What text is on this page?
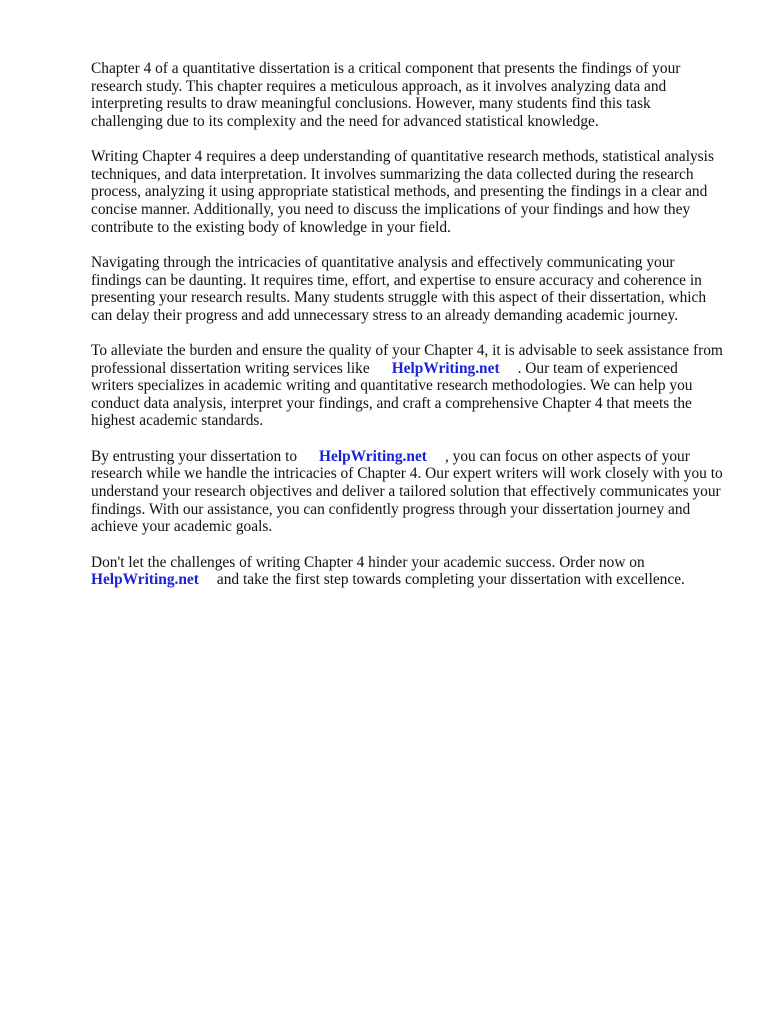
Chapter 4 of a quantitative dissertation is a critical component that presents the findings of your research study. This chapter requires a meticulous approach, as it involves analyzing data and interpreting results to draw meaningful conclusions. However, many students find this task challenging due to its complexity and the need for advanced statistical knowledge.

Writing Chapter 4 requires a deep understanding of quantitative research methods, statistical analysis techniques, and data interpretation. It involves summarizing the data collected during the research process, analyzing it using appropriate statistical methods, and presenting the findings in a clear and concise manner. Additionally, you need to discuss the implications of your findings and how they contribute to the existing body of knowledge in your field.

Navigating through the intricacies of quantitative analysis and effectively communicating your findings can be daunting. It requires time, effort, and expertise to ensure accuracy and coherence in presenting your research results. Many students struggle with this aspect of their dissertation, which can delay their progress and add unnecessary stress to an already demanding academic journey.

To alleviate the burden and ensure the quality of your Chapter 4, it is advisable to seek assistance from professional dissertation writing services like HelpWriting.net . Our team of experienced writers specializes in academic writing and quantitative research methodologies. We can help you conduct data analysis, interpret your findings, and craft a comprehensive Chapter 4 that meets the highest academic standards.

By entrusting your dissertation to HelpWriting.net , you can focus on other aspects of your research while we handle the intricacies of Chapter 4. Our expert writers will work closely with you to understand your research objectives and deliver a tailored solution that effectively communicates your findings. With our assistance, you can confidently progress through your dissertation journey and achieve your academic goals.

Don't let the challenges of writing Chapter 4 hinder your academic success. Order now on HelpWriting.net and take the first step towards completing your dissertation with excellence.
